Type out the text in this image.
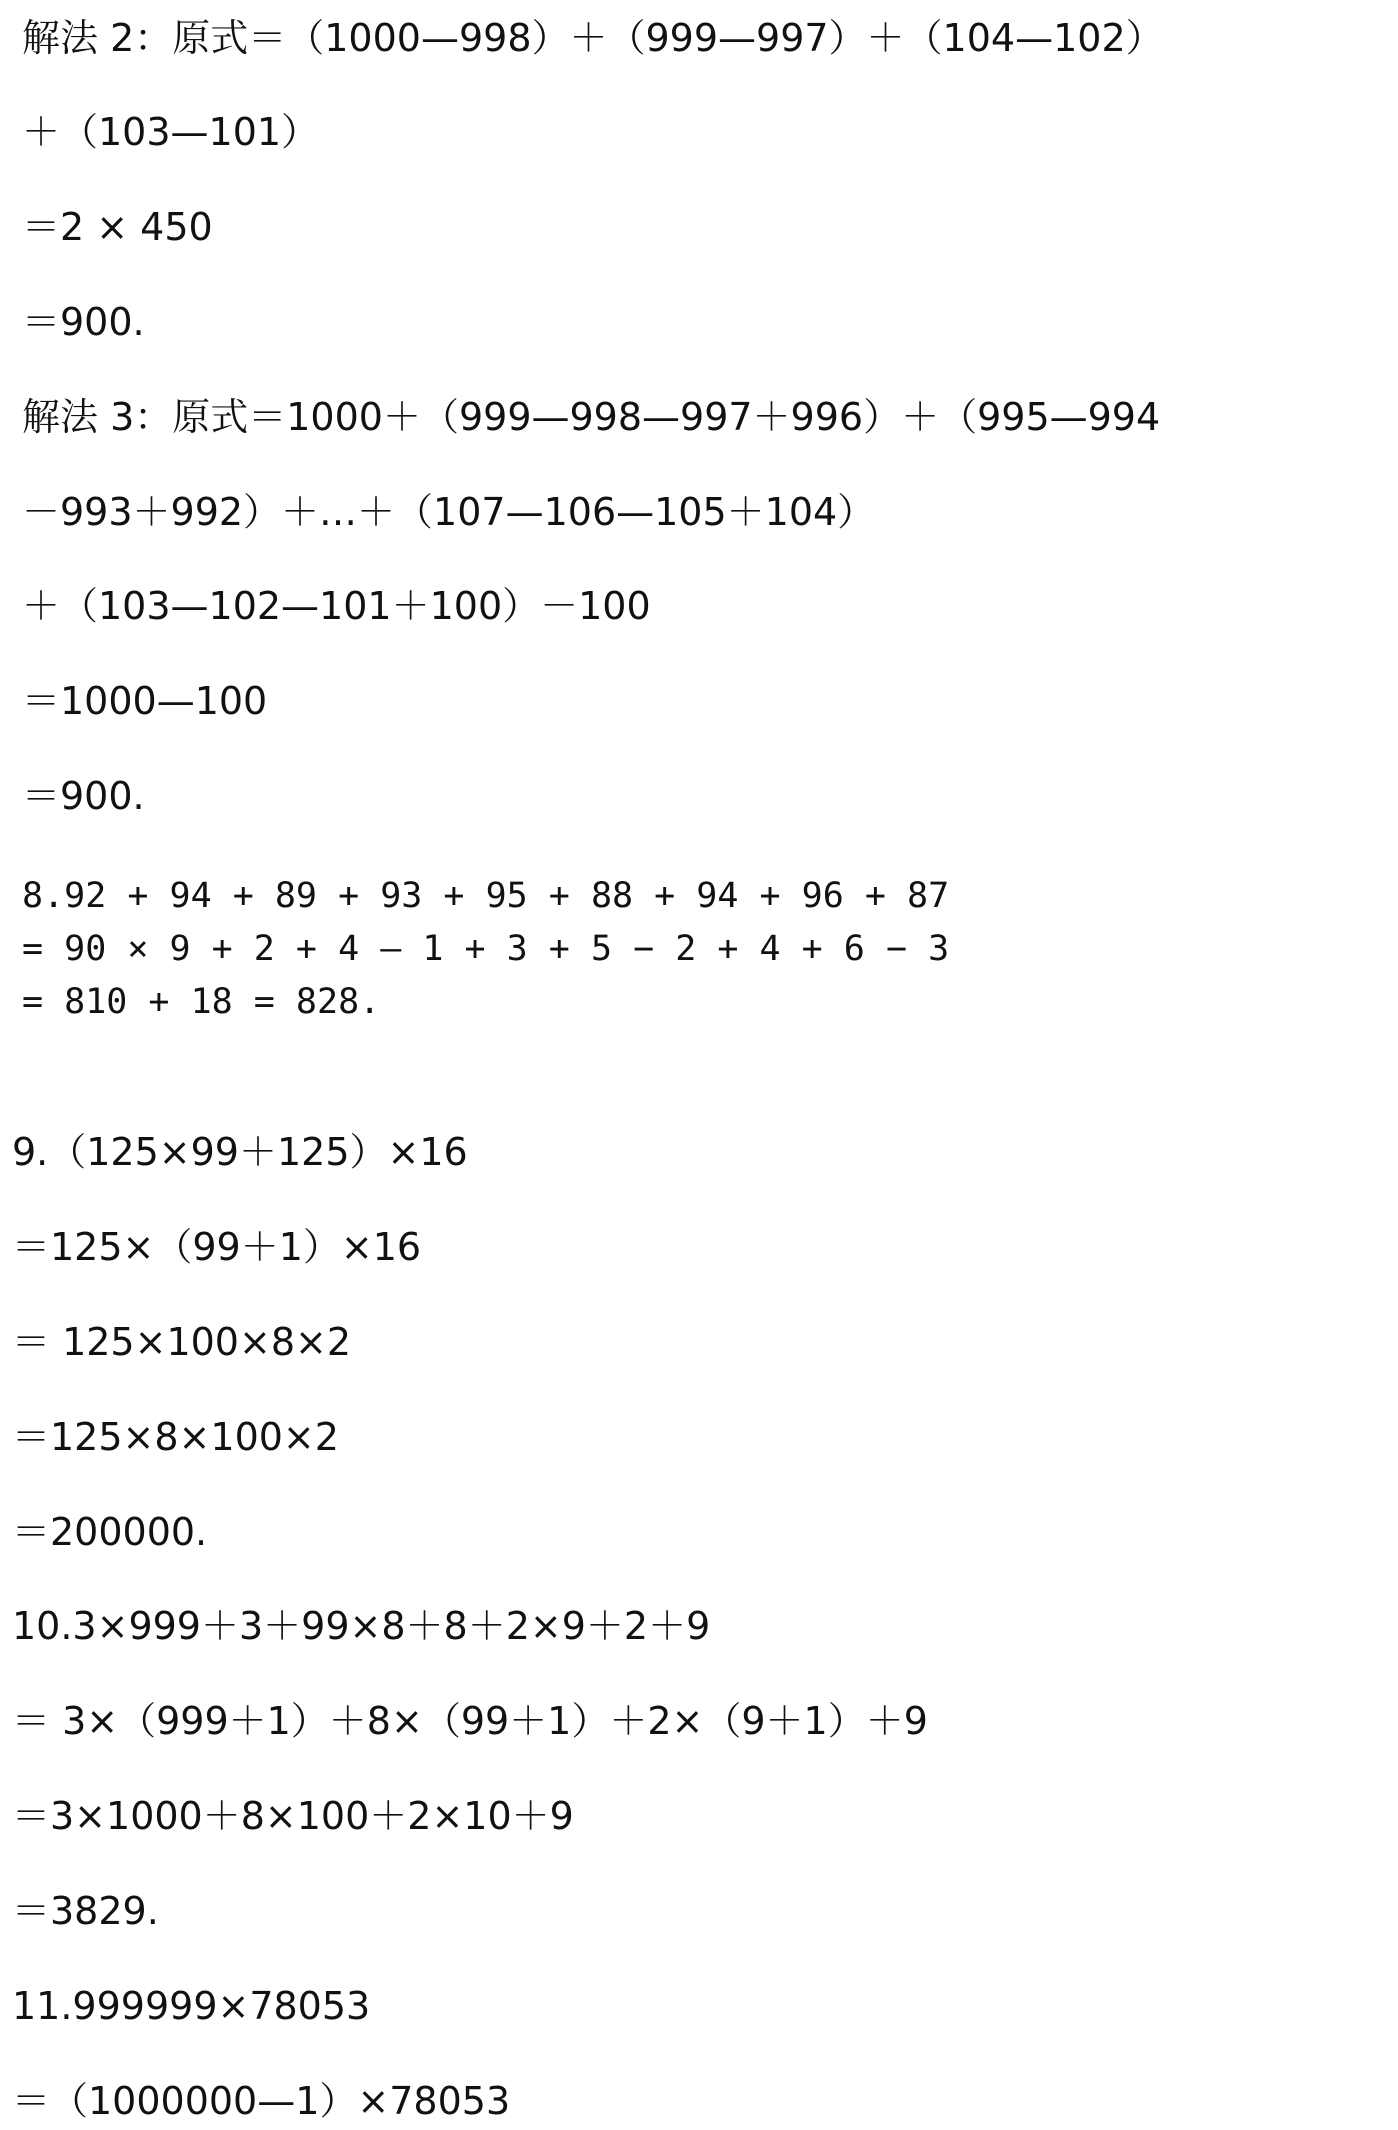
解法 2：原式＝（1000—998）＋（999—997）＋（104—102）
＋（103—101）
＝2 × 450
＝900.
解法 3：原式＝1000＋（999—998—997＋996）＋（995—994
－993＋992）＋…＋（107—106—105＋104）
＋（103—102—101＋100）－100
＝1000—100
＝900.
8.92 + 94 + 89 + 93 + 95 + 88 + 94 + 96 + 87
= 90 × 9 + 2 + 4 — 1 + 3 + 5 − 2 + 4 + 6 − 3
= 810 + 18 = 828.
9.（125×99＋125）×16
＝125×（99＋1）×16
＝ 125×100×8×2
＝125×8×100×2
＝200000.
10.3×999＋3＋99×8＋8＋2×9＋2＋9
＝ 3×（999＋1）＋8×（99＋1）＋2×（9＋1）＋9
＝3×1000＋8×100＋2×10＋9
＝3829.
11.999999×78053
＝（1000000—1）×78053
